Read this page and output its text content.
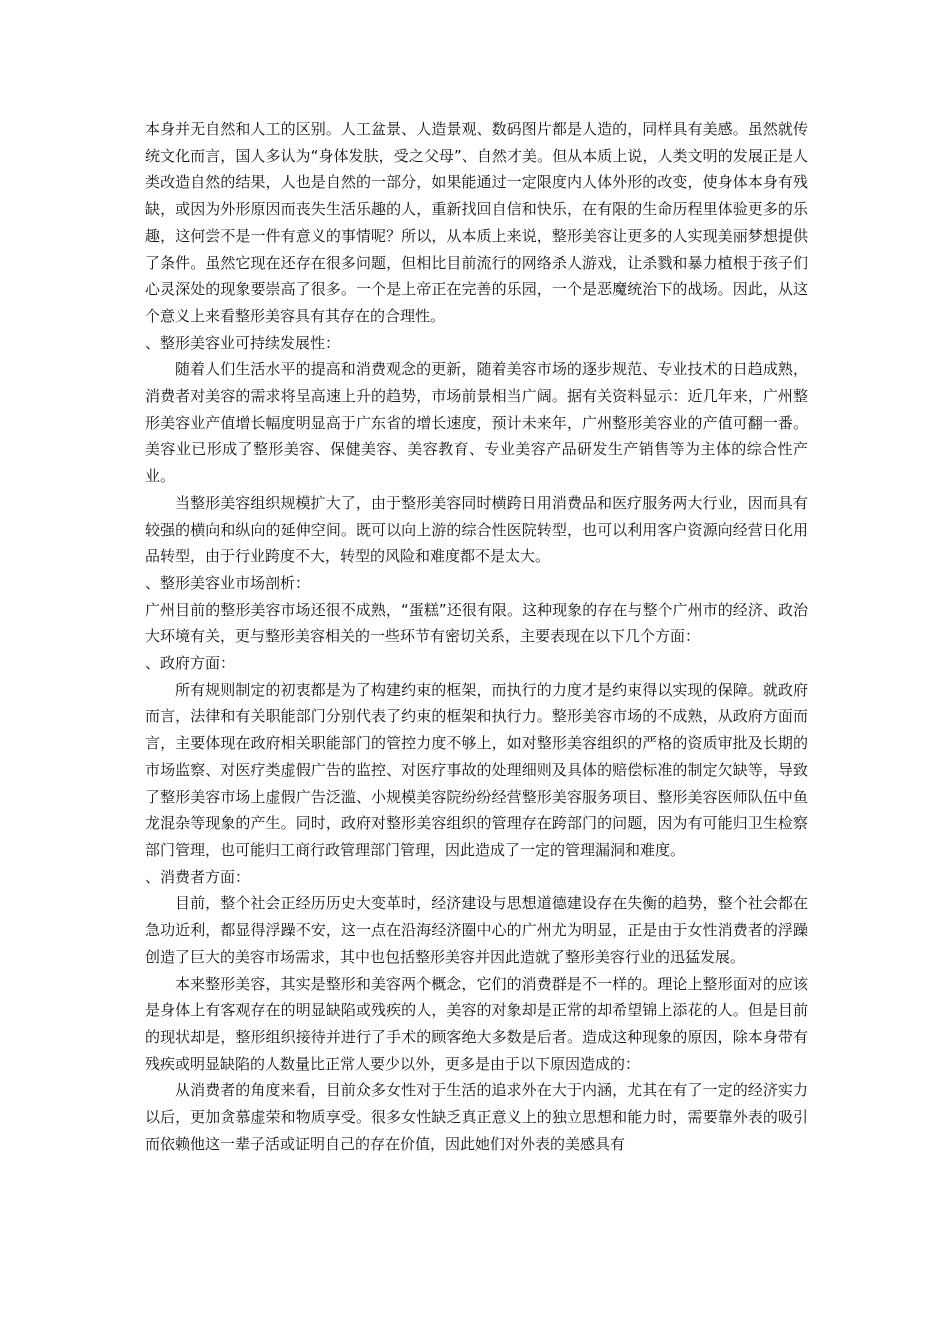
本身并无自然和人工的区别。人工盆景、人造景观、数码图片都是人造的，同样具有美感。虽然就传统文化而言，国人多认为“身体发肤，受之父母”、自然才美。但从本质上说，人类文明的发展正是人类改造自然的结果，人也是自然的一部分，如果能通过一定限度内人体外形的改变，使身体本身有残缺，或因为外形原因而丧失生活乐趣的人，重新找回自信和快乐，在有限的生命历程里体验更多的乐趣，这何尝不是一件有意义的事情呢？所以，从本质上来说，整形美容让更多的人实现美丽梦想提供了条件。虽然它现在还存在很多问题，但相比目前流行的网络杀人游戏，让杀戮和暴力植根于孩子们心灵深处的现象要崇高了很多。一个是上帝正在完善的乐园，一个是恶魔统治下的战场。因此，从这个意义上来看整形美容具有其存在的合理性。

、整形美容业可持续发展性：

随着人们生活水平的提高和消费观念的更新，随着美容市场的逐步规范、专业技术的日趋成熟，消费者对美容的需求将呈高速上升的趋势，市场前景相当广阔。据有关资料显示：近几年来，广州整形美容业产值增长幅度明显高于广东省的增长速度，预计未来年，广州整形美容业的产值可翻一番。美容业已形成了整形美容、保健美容、美容教育、专业美容产品研发生产销售等为主体的综合性产业。

当整形美容组织规模扩大了，由于整形美容同时横跨日用消费品和医疗服务两大行业，因而具有较强的横向和纵向的延伸空间。既可以向上游的综合性医院转型，也可以利用客户资源向经营日化用品转型，由于行业跨度不大，转型的风险和难度都不是太大。

、整形美容业市场剖析：

广州目前的整形美容市场还很不成熟，“蛋糕”还很有限。这种现象的存在与整个广州市的经济、政治大环境有关，更与整形美容相关的一些环节有密切关系，主要表现在以下几个方面：

、政府方面：

所有规则制定的初衷都是为了构建约束的框架，而执行的力度才是约束得以实现的保障。就政府而言，法律和有关职能部门分别代表了约束的框架和执行力。整形美容市场的不成熟，从政府方面而言，主要体现在政府相关职能部门的管控力度不够上，如对整形美容组织的严格的资质审批及长期的市场监察、对医疗类虚假广告的监控、对医疗事故的处理细则及具体的赔偿标准的制定欠缺等，导致了整形美容市场上虚假广告泛滥、小规模美容院纷纷经营整形美容服务项目、整形美容医师队伍中鱼龙混杂等现象的产生。同时，政府对整形美容组织的管理存在跨部门的问题，因为有可能归卫生检察部门管理，也可能归工商行政管理部门管理，因此造成了一定的管理漏洞和难度。

、消费者方面：

目前，整个社会正经历历史大变革时，经济建设与思想道德建设存在失衡的趋势，整个社会都在急功近利，都显得浮躁不安，这一点在沿海经济圈中心的广州尤为明显，正是由于女性消费者的浮躁创造了巨大的美容市场需求，其中也包括整形美容并因此造就了整形美容行业的迅猛发展。

本来整形美容，其实是整形和美容两个概念，它们的消费群是不一样的。理论上整形面对的应该是身体上有客观存在的明显缺陷或残疾的人，美容的对象却是正常的却希望锦上添花的人。但是目前的现状却是，整形组织接待并进行了手术的顾客绝大多数是后者。造成这种现象的原因，除本身带有残疾或明显缺陷的人数量比正常人要少以外，更多是由于以下原因造成的：

从消费者的角度来看，目前众多女性对于生活的追求外在大于内涵，尤其在有了一定的经济实力以后，更加贪慕虚荣和物质享受。很多女性缺乏真正意义上的独立思想和能力时，需要靠外表的吸引而依赖他这一辈子活或证明自己的存在价值，因此她们对外表的美感具有
